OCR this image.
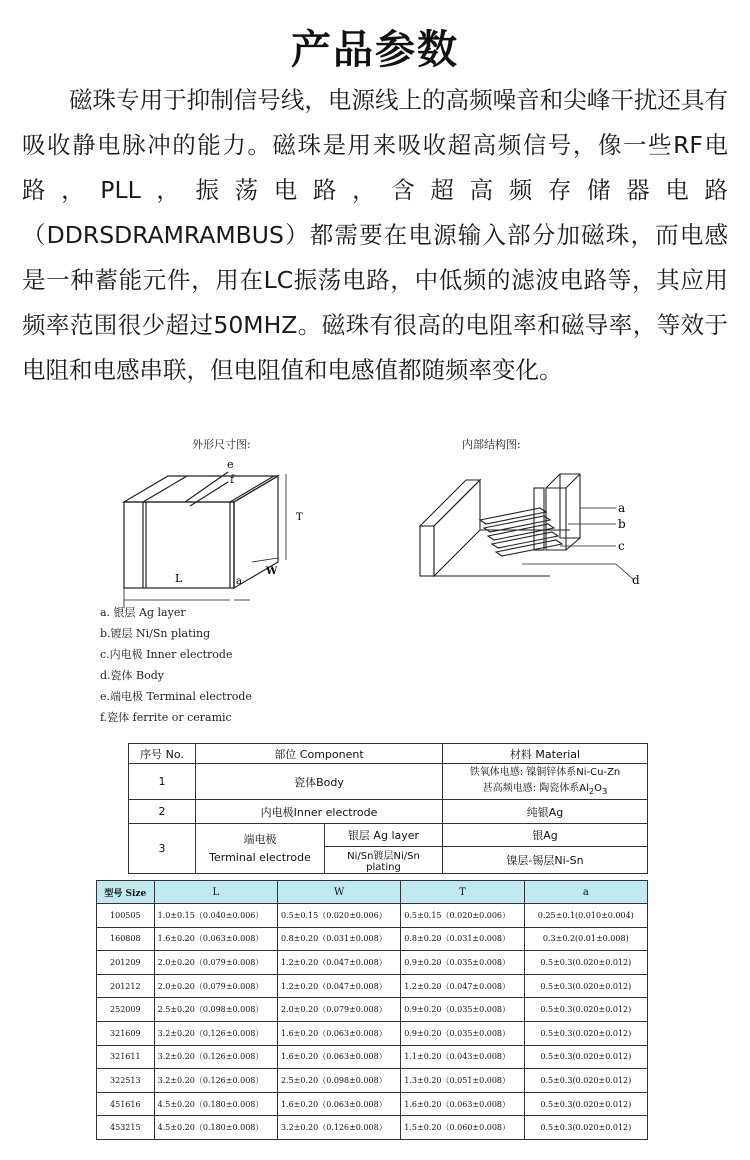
产品参数
磁珠专用于抑制信号线，电源线上的高频噪音和尖峰干扰还具有吸收静电脉冲的能力。磁珠是用来吸收超高频信号，像一些RF电路，PLL，振荡电路，含超高频存储器电路（DDRSDRAMRAMBUS）都需要在电源输入部分加磁珠，而电感是一种蓄能元件，用在LC振荡电路，中低频的滤波电路等，其应用频率范围很少超过50MHZ。磁珠有很高的电阻率和磁导率，等效于电阻和电感串联，但电阻值和电感值都随频率变化。
外形尺寸图:
e
f
T
L	a
W
内部结构图:
a
b
c
d
a. 银层 Ag layer
b.镀层 Ni/Sn plating
c.内电极 Inner electrode
d.瓷体 Body
e.端电极 Terminal electrode
f.瓷体 ferrite or ceramic
序号 No.	部位 Component		材料 Material
1	瓷体Body		铁氧体电感: 镍铜锌体系Ni-Cu-Zn
甚高频电感: 陶瓷体系$Al_2O_3$

2	内电极Inner electrode		纯银Ag
3	端电极
Terminal electrode	银层 Ag layer	银Ag
		Ni/Sn镀层Ni/Sn plating	镍层-锡层Ni-Sn
型号 Size	L	W	T	a
100505	1.0±0.15（0.040±0.006）	0.5±0.15（0.020±0.006）	0.5±0.15（0.020±0.006）	0.25±0.1(0.010±0.004)
160808	1.6±0.20（0.063±0.008）	0.8±0.20（0.031±0.008）	0.8±0.20（0.031±0.008）	0.3±0.2(0.01±0.008)
201209	2.0±0.20（0.079±0.008）	1.2±0.20（0.047±0.008）	0.9±0.20（0.035±0.008）	0.5±0.3(0.020±0.012)
201212	2.0±0.20（0.079±0.008）	1.2±0.20（0.047±0.008）	1.2±0.20（0.047±0.008）	0.5±0.3(0.020±0.012)
252009	2.5±0.20（0.098±0.008）	2.0±0.20（0.079±0.008）	0.9±0.20（0.035±0.008）	0.5±0.3(0.020±0.012)
321609	3.2±0.20（0.126±0.008）	1.6±0.20（0.063±0.008）	0.9±0.20（0.035±0.008）	0.5±0.3(0.020±0.012)
321611	3.2±0.20（0.126±0.008）	1.6±0.20（0.063±0.008）	1.1±0.20（0.043±0.008）	0.5±0.3(0.020±0.012)
322513	3.2±0.20（0.126±0.008）	2.5±0.20（0.098±0.008）	1.3±0.20（0.051±0.008）	0.5±0.3(0.020±0.012)
451616	4.5±0.20（0.180±0.008）	1.6±0.20（0.063±0.008）	1.6±0.20（0.063±0.008）	0.5±0.3(0.020±0.012)
453215	4.5±0.20（0.180±0.008）	3.2±0.20（0.126±0.008）	1.5±0.20（0.060±0.008）	0.5±0.3(0.020±0.012)
